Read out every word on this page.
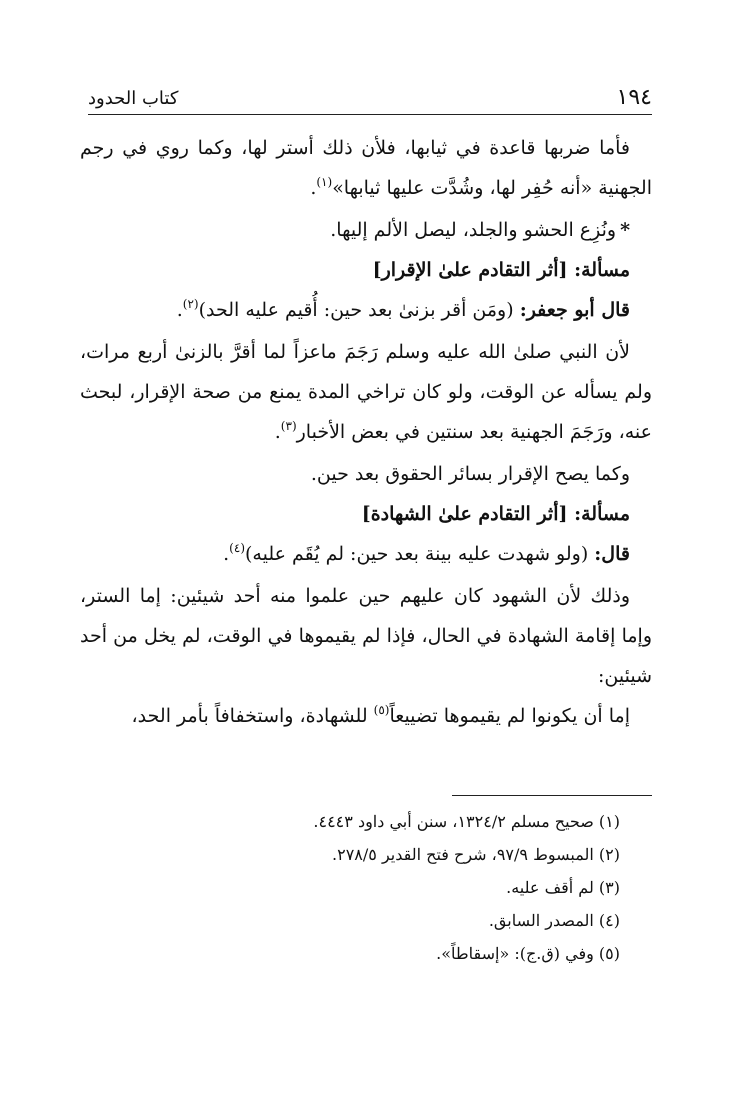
١٩٤
كتاب الحدود

فأما ضربها قاعدة في ثيابها، فلأن ذلك أستر لها، وكما روي في رجم الجهنية «أنه حُفِر لها، وشُدَّت عليها ثيابها»$^{(١)}$.

*ونُزِع الحشو والجلد، ليصل الألم إليها.

مسألة: [أثر التقادم علىٰ الإقرار]

قال أبو جعفر: (ومَن أقر بزنىٰ بعد حين: أُقيم عليه الحد)$^{(٢)}$.

لأن النبي صلىٰ الله عليه وسلم رَجَمَ ماعزاً لما أقرَّ بالزنىٰ أربع مرات، ولم يسأله عن الوقت، ولو كان تراخي المدة يمنع من صحة الإقرار، لبحث عنه، ورَجَمَ الجهنية بعد سنتين في بعض الأخبار$^{(٣)}$.

وكما يصح الإقرار بسائر الحقوق بعد حين.

مسألة: [أثر التقادم علىٰ الشهادة]

قال: (ولو شهدت عليه بينة بعد حين: لم يُقَم عليه)$^{(٤)}$.

وذلك لأن الشهود كان عليهم حين علموا منه أحد شيئين: إما الستر، وإما إقامة الشهادة في الحال، فإذا لم يقيموها في الوقت، لم يخل من أحد شيئين:

إما أن يكونوا لم يقيموها تضييعاً$^{(٥)}$ للشهادة، واستخفافاً بأمر الحد،

(١) صحيح مسلم ١٣٢٤/٢، سنن أبي داود ٤٤٤٣.
(٢) المبسوط ٩٧/٩، شرح فتح القدير ٢٧٨/٥.
(٣) لم أقف عليه.
(٤) المصدر السابق.
(٥) وفي (ق.ج): «إسقاطاً».
